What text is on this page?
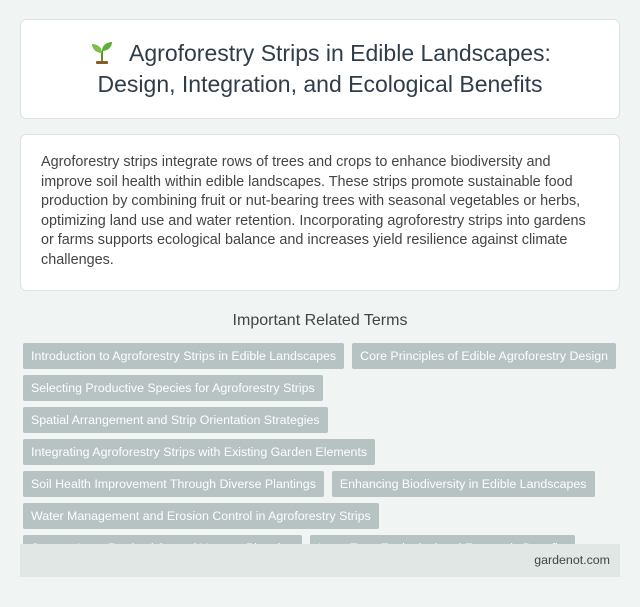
Agroforestry Strips in Edible Landscapes:
Design, Integration, and Ecological Benefits

Agroforestry strips integrate rows of trees and crops to enhance biodiversity and improve soil health within edible landscapes. These strips promote sustainable food production by combining fruit or nut-bearing trees with seasonal vegetables or herbs, optimizing land use and water retention. Incorporating agroforestry strips into gardens or farms supports ecological balance and increases yield resilience against climate challenges.

Important Related Terms
Introduction to Agroforestry Strips in Edible Landscapes	Core Principles of Edible Agroforestry Design
Selecting Productive Species for Agroforestry Strips
Spatial Arrangement and Strip Orientation Strategies
Integrating Agroforestry Strips with Existing Garden Elements
Soil Health Improvement Through Diverse Plantings	Enhancing Biodiversity in Edible Landscapes
Water Management and Erosion Control in Agroforestry Strips
gardenot.com
